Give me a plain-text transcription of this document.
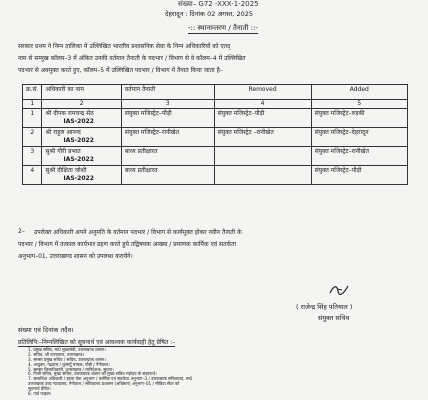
संख्या– G72 -XXX-1-2025
देहरादून : दिनांक 02 अगस्त, 2025
-:: स्थानान्तरण / तैनाती ::-
सरकार प्रथम ने निम्न तालिका में उल्लिखित भारतीय प्रशासनिक सेवा के निम्न अधिकारियों को एतद्
नाम से सम्मुख कॉलम–3 में अंकित उनकी वर्तमान तैनाती के पदभार / विभाग से वे कॉलम–4 में उल्लिखित
पदभार से अवमुक्त करते हुए, कॉलम–5 में उल्लिखित पदभार / विभाग में तैनात किया जाता है–
क्र.सं.	अधिकारी का नाम	वर्तमान तैनाती	Removed	Added
1	2	3	4	5
1	श्री दीपक रामचन्द्र सेठ
IAS-2022	संयुक्त मजिस्ट्रेट–पौड़ी	संयुक्त मजिस्ट्रेट–पौड़ी	संयुक्त मजिस्ट्रेट–रुड़की
2	श्री राहुल आनन्द
IAS-2022	संयुक्त मजिस्ट्रेट–रानीखेत	संयुक्त मजिस्ट्रेट –रानीखेत	संयुक्त मजिस्ट्रेट–देहरादून
3	सुश्री गौरी प्रभात
IAS-2022	बाध्य प्रतीक्षारत		संयुक्त मजिस्ट्रेट–रानीखेत
4	सुश्री दीक्षिता जोशी
IAS-2022	बाध्य प्रतीक्षारत		संयुक्त मजिस्ट्रेट–पौड़ी
2– उपरोक्त अधिकारी अपने अनुमति के वर्तमान पदभार / विभाग से कार्यमुक्त होकर नवीन तैनाती के
पदभार / विभाग में तत्काल कार्यभार ग्रहण करते हुये तद्विषयक आख्या / प्रमाणक कार्मिक एवं सतर्कता
अनुभाग–01, उत्तराखण्ड शासन को उपलब्ध करायेंगे।
( राजेन्द्र सिंह पतियाल )
संयुक्त सचिव
संख्या एवं दिनांक तदैव।
प्रतिलिपि:–निम्नलिखित को सूचनार्थ एवं आवश्यक कार्यवाही हेतु प्रेषित :–
1. प्रमुख सचिव, मा0 मुख्यमंत्री, उत्तराखण्ड शासन।
2. सचिव, श्री राज्यपाल, उत्तराखण्ड।
3. समस्त प्रमुख सचिव / सचिव, उत्तराखण्ड शासन।
4. आयुक्त, गढ़वाल / कुमायूँ मण्डल, पौड़ी / नैनीताल।
5. समस्त जिलाधिकारी, उत्तराखण्ड / मानिदेशक, सूचना।
6. निजी सचिव, मुख्य सचिव, उत्तराखण्ड शासन को मुख्य सचिव महोदय के संज्ञानार्थ।
7. सम्बन्धित अधिकारी / इरला चेक अनुभाग / कार्मिक एवं सतर्कता अनुभाग–3 / उत्तराखण्ड सचिवालय, मा0
उत्तराखण्ड उच्च न्यायालय, नैनीताल / सचिवालय प्रशासन (अधिष्ठान) अनुभाग–01 / मीडिया सेंटर को
सूचनार्थ प्रेषित।
8. गार्ड फाइल।
